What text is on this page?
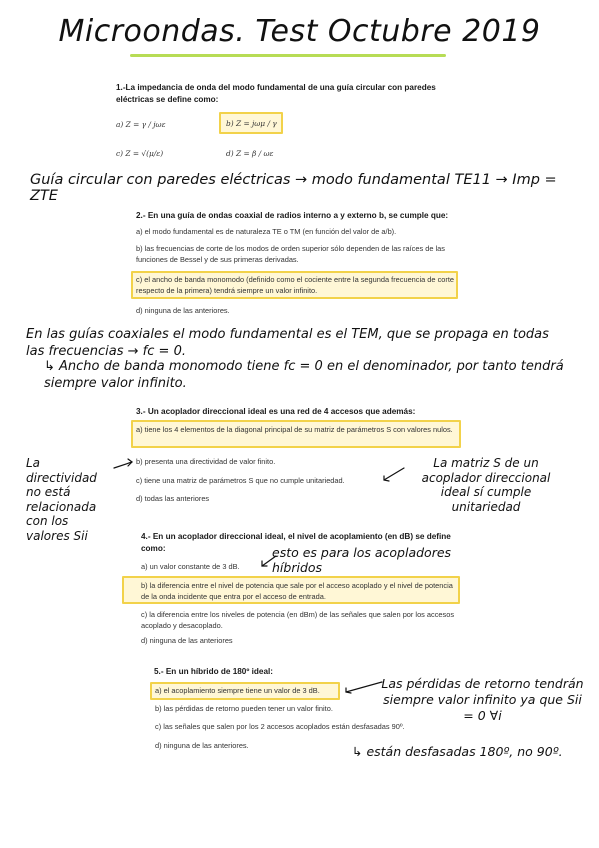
Microondas. Test Octubre 2019
1.-La impedancia de onda del modo fundamental de una guía circular con paredes eléctricas se define como:
a) Z = γ / jωε	b) Z = jωμ / γ
c) Z = √(μ/ε)	d) Z = β / ωε
Guía circular con paredes eléctricas → modo fundamental TE11 → Imp = ZTE
2.- En una guía de ondas coaxial de radios interno a y externo b, se cumple que:
a) el modo fundamental es de naturaleza TE o TM (en función del valor de a/b).
b) las frecuencias de corte de los modos de orden superior sólo dependen de las raíces de las funciones de Bessel y de sus primeras derivadas.
c) el ancho de banda monomodo (definido como el cociente entre la segunda frecuencia de corte respecto de la primera) tendrá siempre un valor infinito.
d) ninguna de las anteriores.
En las guías coaxiales el modo fundamental es el TEM, que se propaga en todas las frecuencias → fc = 0.
↳ Ancho de banda monomodo tiene fc = 0 en el denominador, por tanto tendrá siempre valor infinito.
3.- Un acoplador direccional ideal es una red de 4 accesos que además:
a) tiene los 4 elementos de la diagonal principal de su matriz de parámetros S con valores nulos.
b) presenta una directividad de valor finito.
c) tiene una matriz de parámetros S que no cumple unitariedad.
d) todas las anteriores
La directividad no está relacionada con los valores Sii
La matriz S de un acoplador direccional ideal sí cumple unitariedad
4.- En un acoplador direccional ideal, el nivel de acoplamiento (en dB) se define como:
a) un valor constante de 3 dB.
esto es para los acopladores híbridos
b) la diferencia entre el nivel de potencia que sale por el acceso acoplado y el nivel de potencia de la onda incidente que entra por el acceso de entrada.
c) la diferencia entre los niveles de potencia (en dBm) de las señales que salen por los accesos acoplado y desacoplado.
d) ninguna de las anteriores
5.- En un híbrido de 180º ideal:
a) el acoplamiento siempre tiene un valor de 3 dB.
b) las pérdidas de retorno pueden tener un valor finito.
c) las señales que salen por los 2 accesos acoplados están desfasadas 90º.
d) ninguna de las anteriores.
Las pérdidas de retorno tendrán siempre valor infinito ya que Sii = 0 ∀i
↳ están desfasadas 180º, no 90º.
